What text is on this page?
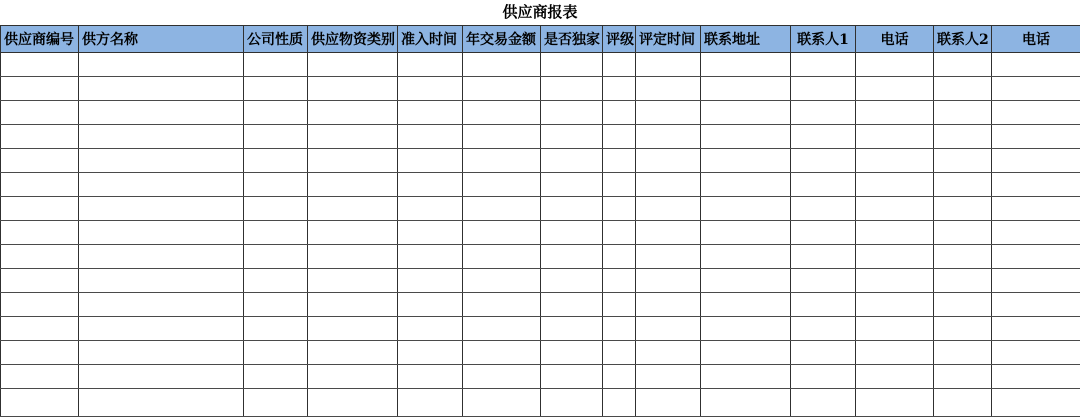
供应商报表
供应商编号	供方名称	公司性质	供应物资类别	准入时间	年交易金额	是否独家	评级	评定时间	联系地址	联系人1	电话	联系人2	电话
